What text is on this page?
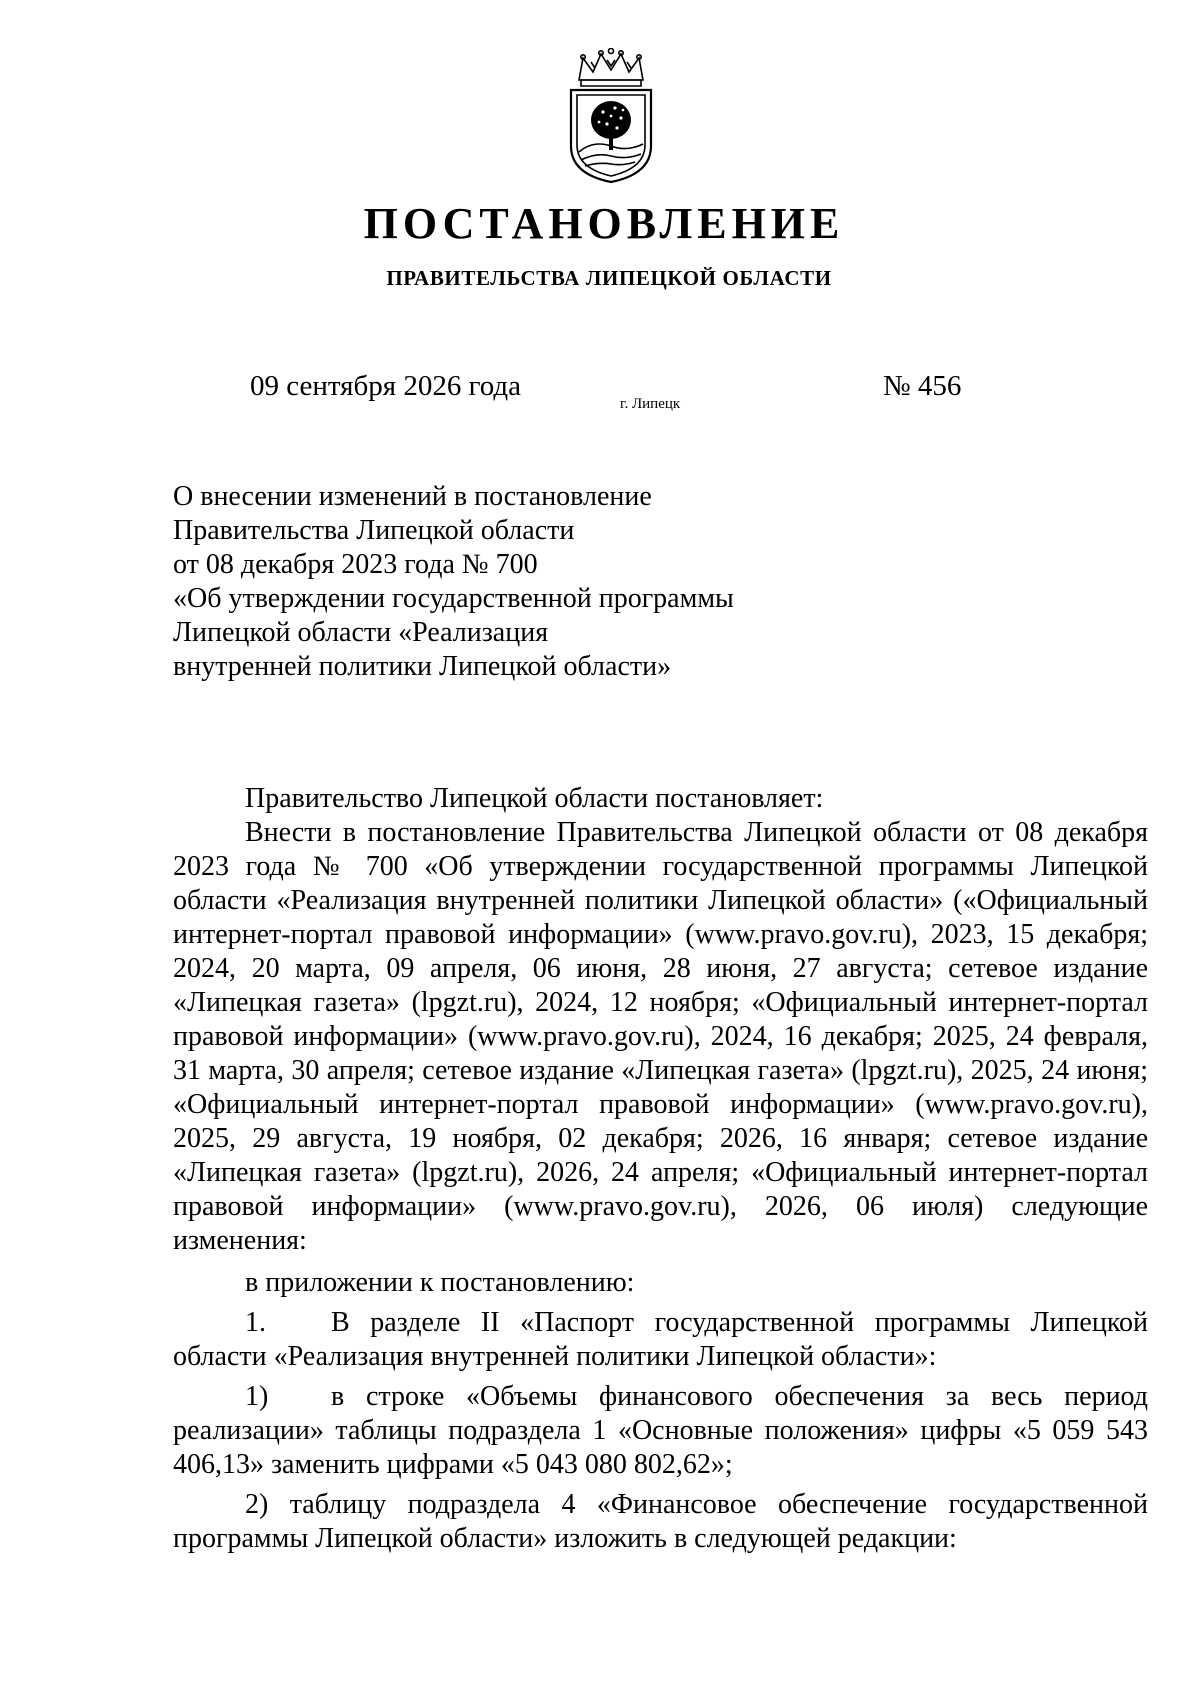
ПОСТАНОВЛЕНИЕ
ПРАВИТЕЛЬСТВА ЛИПЕЦКОЙ ОБЛАСТИ
09 сентября 2026 года
г. Липецк
№ 456
О внесении изменений в постановление
Правительства Липецкой области
от 08 декабря 2023 года № 700
«Об утверждении государственной программы
Липецкой области «Реализация
внутренней политики Липецкой области»

Правительство Липецкой области постановляет:

Внести в постановление Правительства Липецкой области от 08 декабря 2023 года № 700 «Об утверждении государственной программы Липецкой области «Реализация внутренней политики Липецкой области» («Официальный интернет-портал правовой информации» (www.pravo.gov.ru), 2023, 15 декабря; 2024, 20 марта, 09 апреля, 06 июня, 28 июня, 27 августа; сетевое издание «Липецкая газета» (lpgzt.ru), 2024, 12 ноября; «Официальный интернет-портал правовой информации» (www.pravo.gov.ru), 2024, 16 декабря; 2025, 24 февраля, 31 марта, 30 апреля; сетевое издание «Липецкая газета» (lpgzt.ru), 2025, 24 июня; «Официальный интернет-портал правовой информации» (www.pravo.gov.ru), 2025, 29 августа, 19 ноября, 02 декабря; 2026, 16 января; сетевое издание «Липецкая газета» (lpgzt.ru), 2026, 24 апреля; «Официальный интернет-портал правовой информации» (www.pravo.gov.ru), 2026, 06 июля) следующие изменения:

в приложении к постановлению:

1. В разделе II «Паспорт государственной программы Липецкой области «Реализация внутренней политики Липецкой области»:

1) в строке «Объемы финансового обеспечения за весь период реализации» таблицы подраздела 1 «Основные положения» цифры «5 059 543 406,13» заменить цифрами «5 043 080 802,62»;

2) таблицу подраздела 4 «Финансовое обеспечение государственной программы Липецкой области» изложить в следующей редакции:
